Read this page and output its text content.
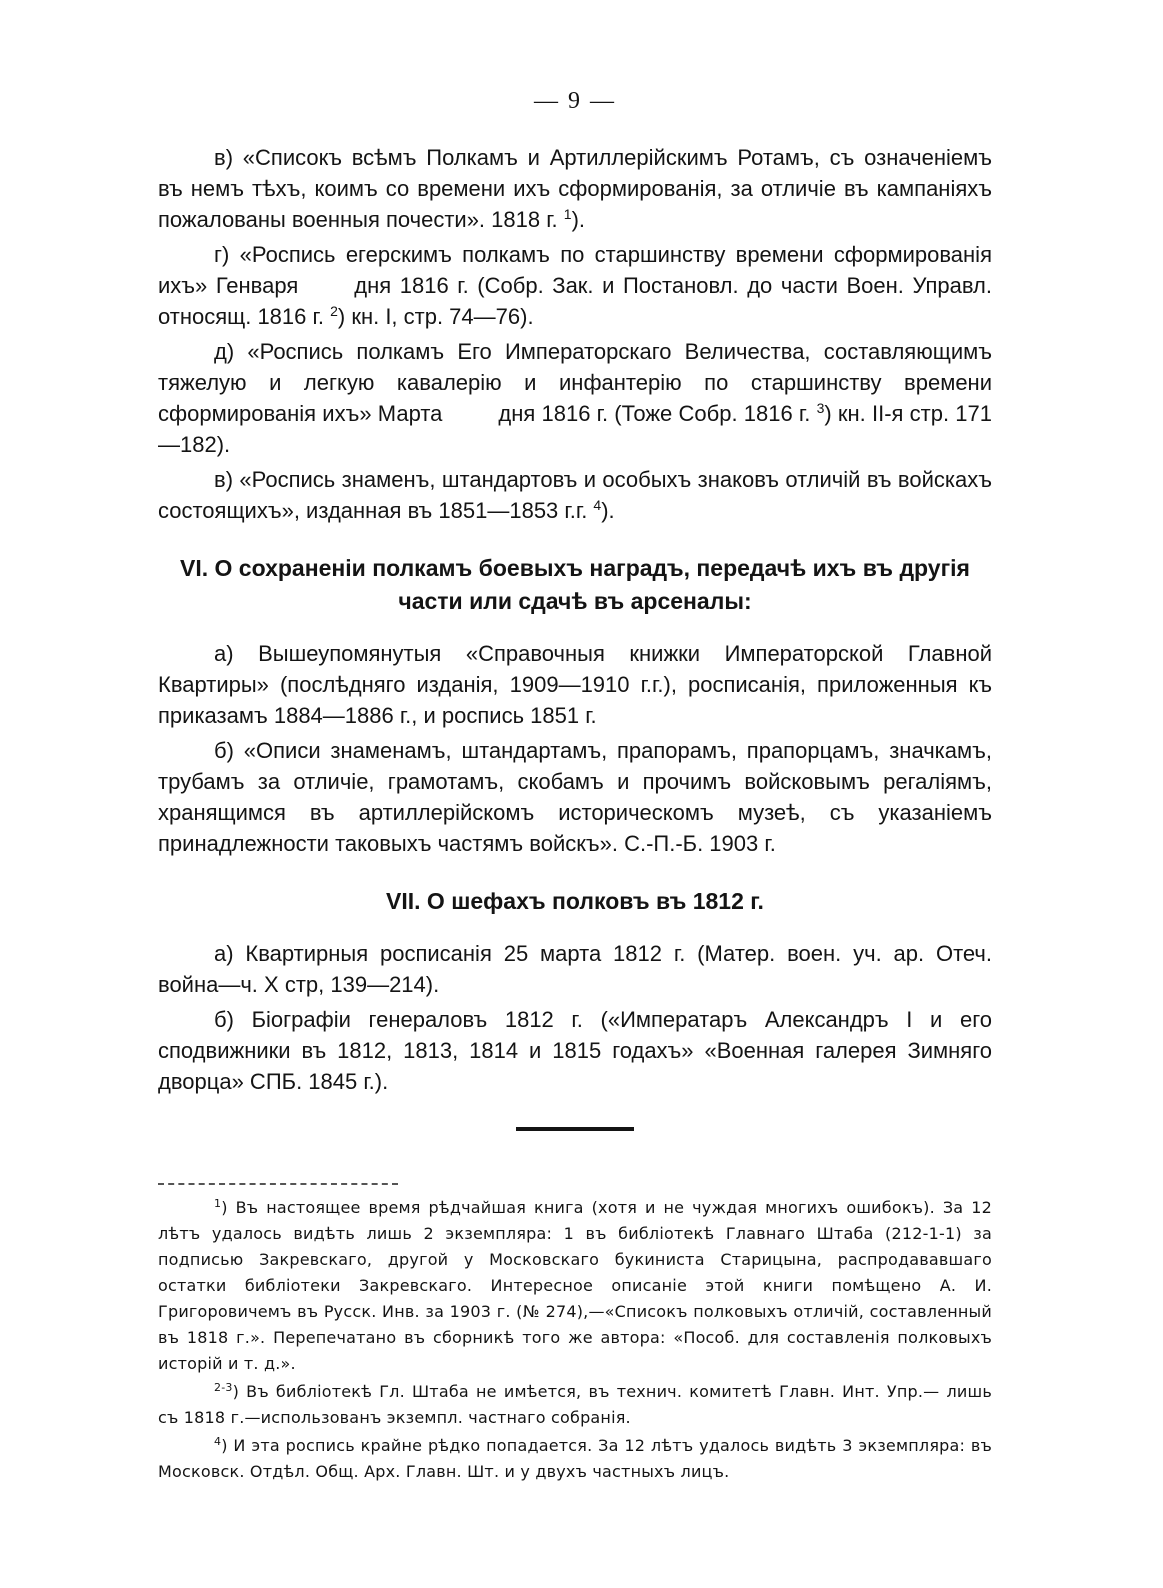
— 9 —

в) «Списокъ всѣмъ Полкамъ и Артиллерійскимъ Ротамъ, съ означеніемъ въ немъ тѣхъ, коимъ со времени ихъ сформированія, за отличіе въ кампаніяхъ пожалованы военныя почести». 1818 г. $^1$).

г) «Роспись егерскимъ полкамъ по старшинству времени сформированія ихъ» Генваря	дня 1816 г. (Собр. Зак. и Постановл. до части Воен. Управл. относящ. 1816 г. $^2$) кн. I, стр. 74—76).

д) «Роспись полкамъ Его Императорскаго Величества, составляющимъ тяжелую и легкую кавалерію и инфантерію по старшинству времени сформированія ихъ» Марта	дня 1816 г. (Тоже Собр. 1816 г. $^3$) кн. II-я стр. 171—182).

в) «Роспись знаменъ, штандартовъ и особыхъ знаковъ отличій въ войскахъ состоящихъ», изданная въ 1851—1853 г.г. $^4$).

VI. О сохраненіи полкамъ боевыхъ наградъ, передачѣ ихъ въ другія
части или сдачѣ въ арсеналы:

а) Вышеупомянутыя «Справочныя книжки Императорской Главной Квартиры» (послѣдняго изданія, 1909—1910 г.г.), росписанія, приложенныя къ приказамъ 1884—1886 г., и роспись 1851 г.

б) «Описи знаменамъ, штандартамъ, прапорамъ, прапорцамъ, значкамъ, трубамъ за отличіе, грамотамъ, скобамъ и прочимъ войсковымъ регаліямъ, хранящимся въ артиллерійскомъ историческомъ музеѣ, съ указаніемъ принадлежности таковыхъ частямъ войскъ». С.-П.-Б. 1903 г.

VII. О шефахъ полковъ въ 1812 г.

а) Квартирныя росписанія 25 марта 1812 г. (Матер. воен. уч. ар. Отеч. война—ч. X стр, 139—214).

б) Біографіи генераловъ 1812 г. («Императаръ Александръ I и его сподвижники въ 1812, 1813, 1814 и 1815 годахъ» «Военная галерея Зимняго дворца» СПБ. 1845 г.).

$^1$) Въ настоящее время рѣдчайшая книга (хотя и не чуждая многихъ ошибокъ). За 12 лѣтъ удалось видѣть лишь 2 экземпляра: 1 въ библіотекѣ Главнаго Штаба (212-1-1) за подписью Закревскаго, другой у Московскаго букиниста Старицына, распродававшаго остатки библіотеки Закревскаго. Интересное описаніе этой книги помѣщено А. И. Григоровичемъ въ Русск. Инв. за 1903 г. (№ 274),—«Списокъ полковыхъ отличій, составленный въ 1818 г.». Перепечатано въ сборникѣ того же автора: «Пособ. для составленія полковыхъ исторій и т. д.».

$^{2-3}$) Въ библіотекѣ Гл. Штаба не имѣется, въ технич. комитетѣ Главн. Инт. Упр.— лишь съ 1818 г.—использованъ экземпл. частнаго собранія.

$^4$) И эта роспись крайне рѣдко попадается. За 12 лѣтъ удалось видѣть 3 экземпляра: въ Московск. Отдѣл. Общ. Арх. Главн. Шт. и у двухъ частныхъ лицъ.
